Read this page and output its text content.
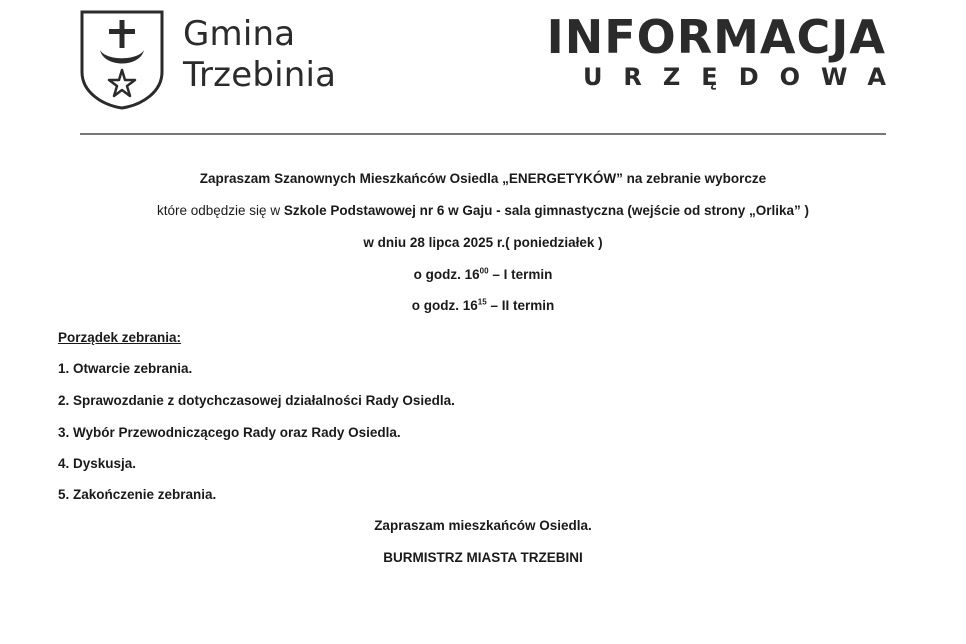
Gmina
Trzebinia
INFORMACJA
URZĘDOWA
Zapraszam Szanownych Mieszkańców Osiedla „ENERGETYKÓW” na zebranie wyborcze
które odbędzie się w Szkole Podstawowej nr 6 w Gaju - sala gimnastyczna (wejście od strony „Orlika” )
w dniu 28 lipca 2025 r.( poniedziałek )
o godz. $16^{00}$ – I termin
o godz. $16^{15}$ – II termin
Porządek zebrania:
1. Otwarcie zebrania.
2. Sprawozdanie z dotychczasowej działalności Rady Osiedla.
3. Wybór Przewodniczącego Rady oraz Rady Osiedla.
4. Dyskusja.
5. Zakończenie zebrania.
Zapraszam mieszkańców Osiedla.
BURMISTRZ MIASTA TRZEBINI
